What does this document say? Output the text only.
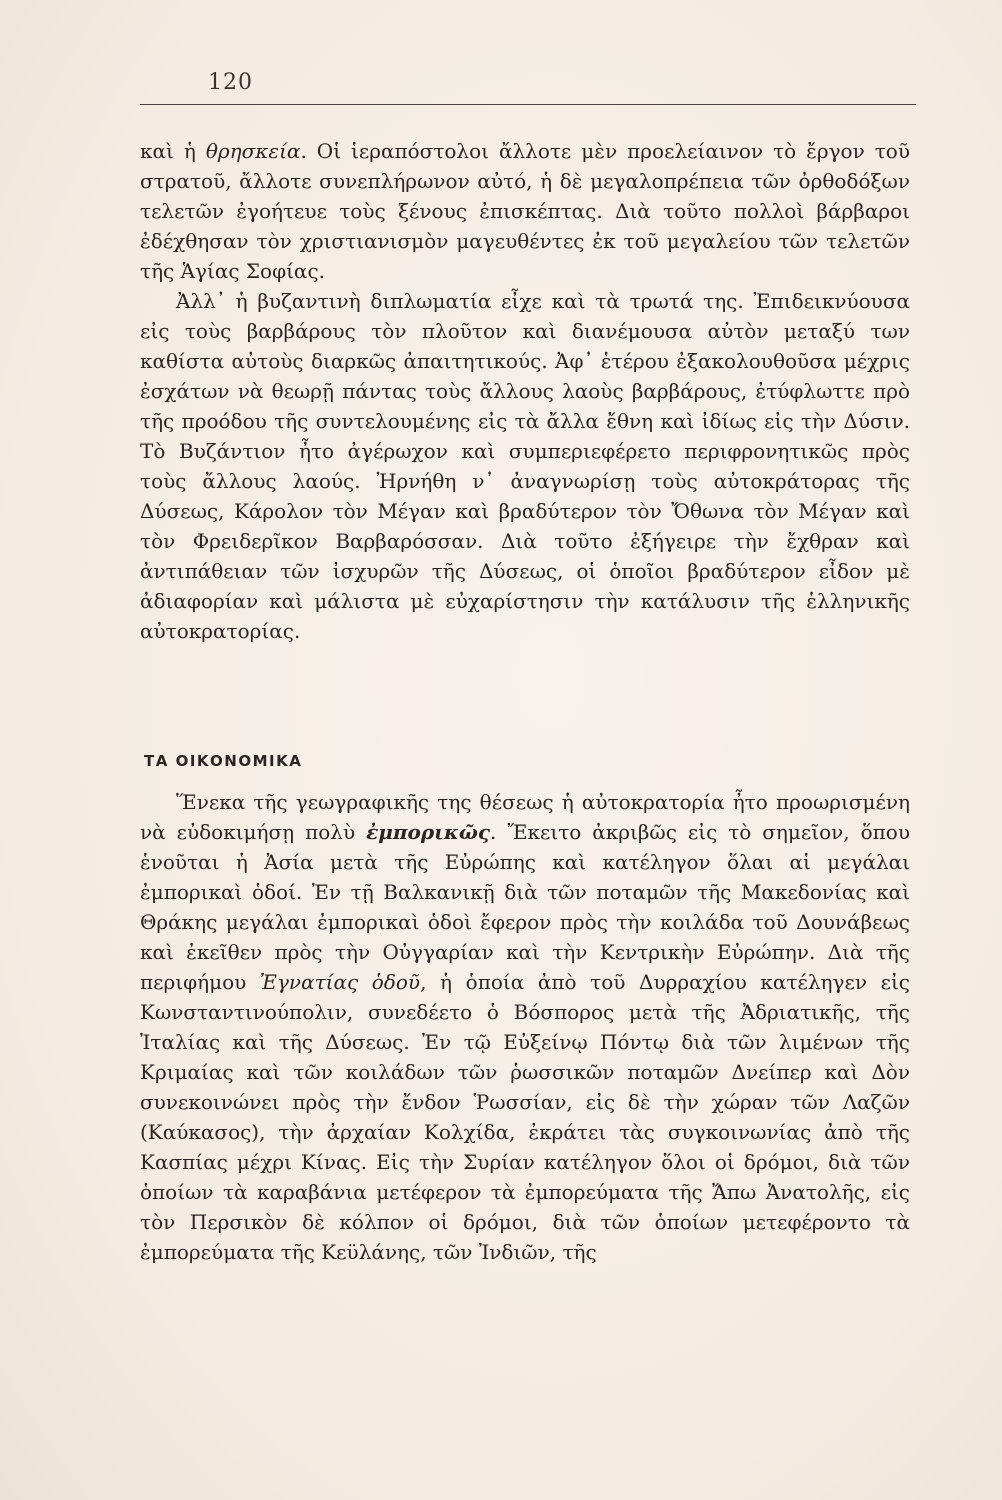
120

καὶ ἡ θρησκεία. Οἱ ἱεραπόστολοι ἄλλοτε μὲν προελείαινον τὸ ἔργον τοῦ στρατοῦ, ἄλλοτε συνεπλήρωνον αὐτό, ἡ δὲ μεγαλοπρέπεια τῶν ὀρθοδόξων τελετῶν ἐγοήτευε τοὺς ξένους ἐπισκέπτας. Διὰ τοῦτο πολλοὶ βάρβαροι ἐδέχθησαν τὸν χριστιανισμὸν μαγευθέντες ἐκ τοῦ μεγαλείου τῶν τελετῶν τῆς Ἁγίας Σοφίας.

Ἀλλ᾽ ἡ βυζαντινὴ διπλωματία εἶχε καὶ τὰ τρωτά της. Ἐπιδεικνύουσα εἰς τοὺς βαρβάρους τὸν πλοῦτον καὶ διανέμουσα αὐτὸν μεταξύ των καθίστα αὐτοὺς διαρκῶς ἀπαιτητικούς. Ἀφ᾽ ἑτέρου ἐξακολουθοῦσα μέχρις ἐσχάτων νὰ θεωρῇ πάντας τοὺς ἄλλους λαοὺς βαρβάρους, ἐτύφλωττε πρὸ τῆς προόδου τῆς συντελουμένης εἰς τὰ ἄλλα ἔθνη καὶ ἰδίως εἰς τὴν Δύσιν. Τὸ Βυζάντιον ἦτο ἀγέρωχον καὶ συμπεριεφέρετο περιφρονητικῶς πρὸς τοὺς ἄλλους λαούς. Ἠρνήθη ν᾽ ἀναγνωρίσῃ τοὺς αὐτοκράτορας τῆς Δύσεως, Κάρολον τὸν Μέγαν καὶ βραδύτερον τὸν Ὄθωνα τὸν Μέγαν καὶ τὸν Φρειδερῖκον Βαρβαρόσσαν. Διὰ τοῦτο ἐξήγειρε τὴν ἔχθραν καὶ ἀντιπάθειαν τῶν ἰσχυρῶν τῆς Δύσεως, οἱ ὁποῖοι βραδύτερον εἶδον μὲ ἀδιαφορίαν καὶ μάλιστα μὲ εὐχαρίστησιν τὴν κατάλυσιν τῆς ἑλληνικῆς αὐτοκρατορίας.

ΤΑ ΟΙΚΟΝΟΜΙΚΑ

Ἕνεκα τῆς γεωγραφικῆς της θέσεως ἡ αὐτοκρατορία ἦτο προωρισμένη νὰ εὐδοκιμήσῃ πολὺ ἐμπορικῶς. Ἔκειτο ἀκριβῶς εἰς τὸ σημεῖον, ὅπου ἑνοῦται ἡ Ἀσία μετὰ τῆς Εὐρώπης καὶ κατέληγον ὅλαι αἱ μεγάλαι ἐμπορικαὶ ὁδοί. Ἐν τῇ Βαλκανικῇ διὰ τῶν ποταμῶν τῆς Μακεδονίας καὶ Θράκης μεγάλαι ἐμπορικαὶ ὁδοὶ ἔφερον πρὸς τὴν κοιλάδα τοῦ Δουνάβεως καὶ ἐκεῖθεν πρὸς τὴν Οὐγγαρίαν καὶ τὴν Κεντρικὴν Εὐρώπην. Διὰ τῆς περιφήμου Ἐγνατίας ὁδοῦ, ἡ ὁποία ἀπὸ τοῦ Δυρραχίου κατέληγεν εἰς Κωνσταντινούπολιν, συνεδέετο ὁ Βόσπορος μετὰ τῆς Ἀδριατικῆς, τῆς Ἰταλίας καὶ τῆς Δύσεως. Ἐν τῷ Εὐξείνῳ Πόντῳ διὰ τῶν λιμένων τῆς Κριμαίας καὶ τῶν κοιλάδων τῶν ῥωσσικῶν ποταμῶν Δνείπερ καὶ Δὸν συνεκοινώνει πρὸς τὴν ἔνδον Ῥωσσίαν, εἰς δὲ τὴν χώραν τῶν Λαζῶν (Καύκασος), τὴν ἀρχαίαν Κολχίδα, ἐκράτει τὰς συγκοινωνίας ἀπὸ τῆς Κασπίας μέχρι Κίνας. Εἰς τὴν Συρίαν κατέληγον ὅλοι οἱ δρόμοι, διὰ τῶν ὁποίων τὰ καραβάνια μετέφερον τὰ ἐμπορεύματα τῆς Ἄπω Ἀνατολῆς, εἰς τὸν Περσικὸν δὲ κόλπον οἱ δρόμοι, διὰ τῶν ὁποίων μετεφέροντο τὰ ἐμπορεύματα τῆς Κεϋλάνης, τῶν Ἰνδιῶν, τῆς
